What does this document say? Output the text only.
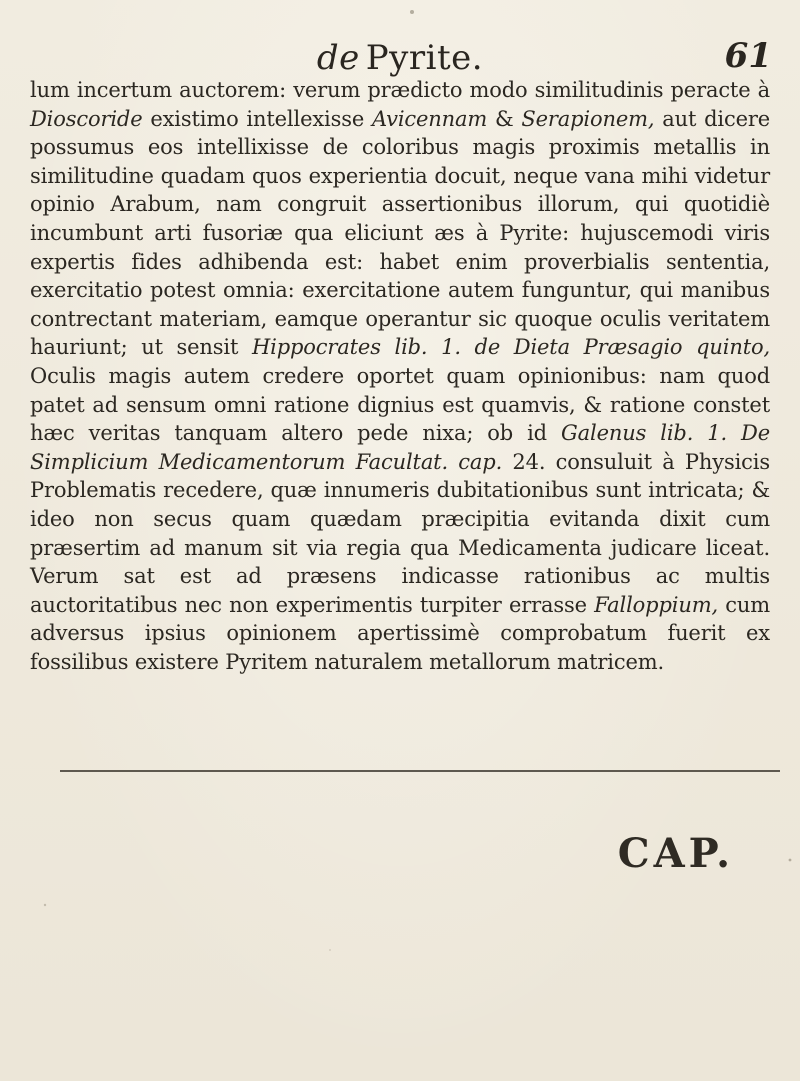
de Pyrite.	61
lum incertum auctorem: verum prædicto modo similitudinis peracte à Dioscoride existimo intellexisse Avicennam & Serapionem, aut dicere possumus eos intellixisse de coloribus magis proximis metallis in similitudine quadam quos experientia docuit, neque vana mihi videtur opinio Arabum, nam congruit assertionibus illorum, qui quotidiè incumbunt arti fusoriæ qua eliciunt æs à Pyrite: hujuscemodi viris expertis fides adhibenda est: habet enim proverbialis sententia, exercitatio potest omnia: exercitatione autem funguntur, qui manibus contrectant materiam, eamque operantur sic quoque oculis veritatem hauriunt; ut sensit Hippocrates lib. 1. de Dieta Præsagio quinto, Oculis magis autem credere oportet quam opinionibus: nam quod patet ad sensum omni ratione dignius est quamvis, & ratione constet hæc veritas tanquam altero pede nixa; ob id Galenus lib. 1. De Simplicium Medicamentorum Facultat. cap. 24. consuluit à Physicis Problematis recedere, quæ innumeris dubitationibus sunt intricata; & ideo non secus quam quædam præcipitia evitanda dixit cum præsertim ad manum sit via regia qua Medicamenta judicare liceat. Verum sat est ad præsens indicasse rationibus ac multis auctoritatibus nec non experimentis turpiter errasse Falloppium, cum adversus ipsius opinionem apertissimè comprobatum fuerit ex fossilibus existere Pyritem naturalem metallorum matricem.
CAP.
